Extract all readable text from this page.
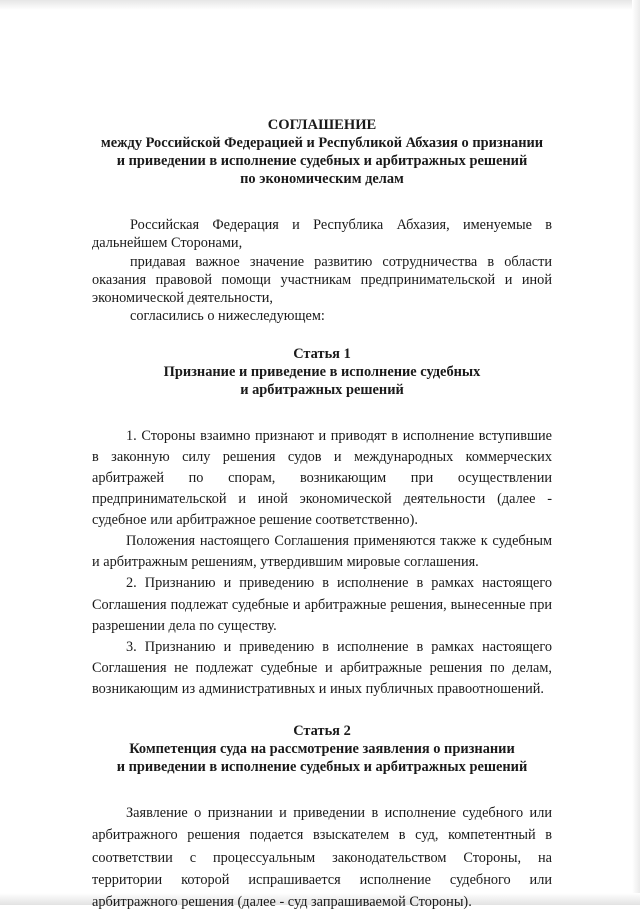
СОГЛАШЕНИЕ

между Российской Федерацией и Республикой Абхазия о признании

и приведении в исполнение судебных и арбитражных решений

по экономическим делам

Российская Федерация и Республика Абхазия, именуемые в дальнейшем Сторонами,

придавая важное значение развитию сотрудничества в области оказания правовой помощи участникам предпринимательской и иной экономической деятельности,

согласились о нижеследующем:

Статья 1

Признание и приведение в исполнение судебных

и арбитражных решений

1. Стороны взаимно признают и приводят в исполнение вступившие в законную силу решения судов и международных коммерческих арбитражей по спорам, возникающим при осуществлении предпринимательской и иной экономической деятельности (далее - судебное или арбитражное решение соответственно).

Положения настоящего Соглашения применяются также к судебным и арбитражным решениям, утвердившим мировые соглашения.

2. Признанию и приведению в исполнение в рамках настоящего Соглашения подлежат судебные и арбитражные решения, вынесенные при разрешении дела по существу.

3. Признанию и приведению в исполнение в рамках настоящего Соглашения не подлежат судебные и арбитражные решения по делам, возникающим из административных и иных публичных правоотношений.

Статья 2

Компетенция суда на рассмотрение заявления о признании

и приведении в исполнение судебных и арбитражных решений

Заявление о признании и приведении в исполнение судебного или арбитражного решения подается взыскателем в суд, компетентный в соответствии с процессуальным законодательством Стороны, на территории которой испрашивается исполнение судебного или арбитражного решения (далее - суд запрашиваемой Стороны).
